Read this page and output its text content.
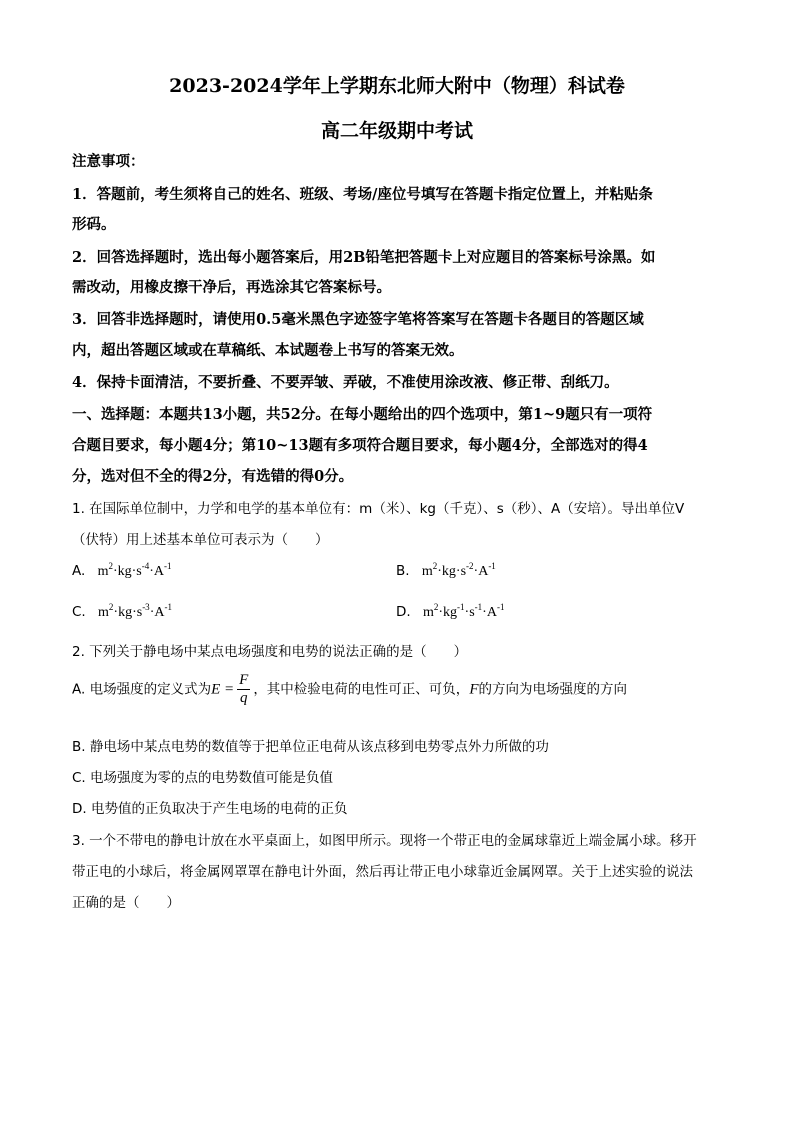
2023-2024学年上学期东北师大附中（物理）科试卷
高二年级期中考试
注意事项：
1．答题前，考生须将自己的姓名、班级、考场/座位号填写在答题卡指定位置上，并粘贴条
形码。
2．回答选择题时，选出每小题答案后，用2B铅笔把答题卡上对应题目的答案标号涂黑。如
需改动，用橡皮擦干净后，再选涂其它答案标号。
3．回答非选择题时，请使用0.5毫米黑色字迹签字笔将答案写在答题卡各题目的答题区域
内，超出答题区域或在草稿纸、本试题卷上书写的答案无效。
4．保持卡面清洁，不要折叠、不要弄皱、弄破，不准使用涂改液、修正带、刮纸刀。
一、选择题：本题共13小题，共52分。在每小题给出的四个选项中，第1~9题只有一项符
合题目要求，每小题4分；第10~13题有多项符合题目要求，每小题4分，全部选对的得4
分，选对但不全的得2分，有选错的得0分。
1. 在国际单位制中，力学和电学的基本单位有：m（米）、kg（千克）、s（秒）、A（安培）。导出单位V
（伏特）用上述基本单位可表示为（　　）
A. $m^2\cdot kg\cdot s^{-4}\cdot A^{-1}$	B. $m^2\cdot kg\cdot s^{-2}\cdot A^{-1}$
C. $m^2\cdot kg\cdot s^{-3}\cdot A^{-1}$	D. $m^2\cdot kg^{-1}\cdot s^{-1}\cdot A^{-1}$
2. 下列关于静电场中某点电场强度和电势的说法正确的是（　　）
A. 电场强度的定义式为$E = \frac{F}{q}$ ，其中检验电荷的电性可正、可负，F的方向为电场强度的方向
B. 静电场中某点电势的数值等于把单位正电荷从该点移到电势零点外力所做的功
C. 电场强度为零的点的电势数值可能是负值
D. 电势值的正负取决于产生电场的电荷的正负
3. 一个不带电的静电计放在水平桌面上，如图甲所示。现将一个带正电的金属球靠近上端金属小球。移开
带正电的小球后，将金属网罩罩在静电计外面，然后再让带正电小球靠近金属网罩。关于上述实验的说法
正确的是（　　）
